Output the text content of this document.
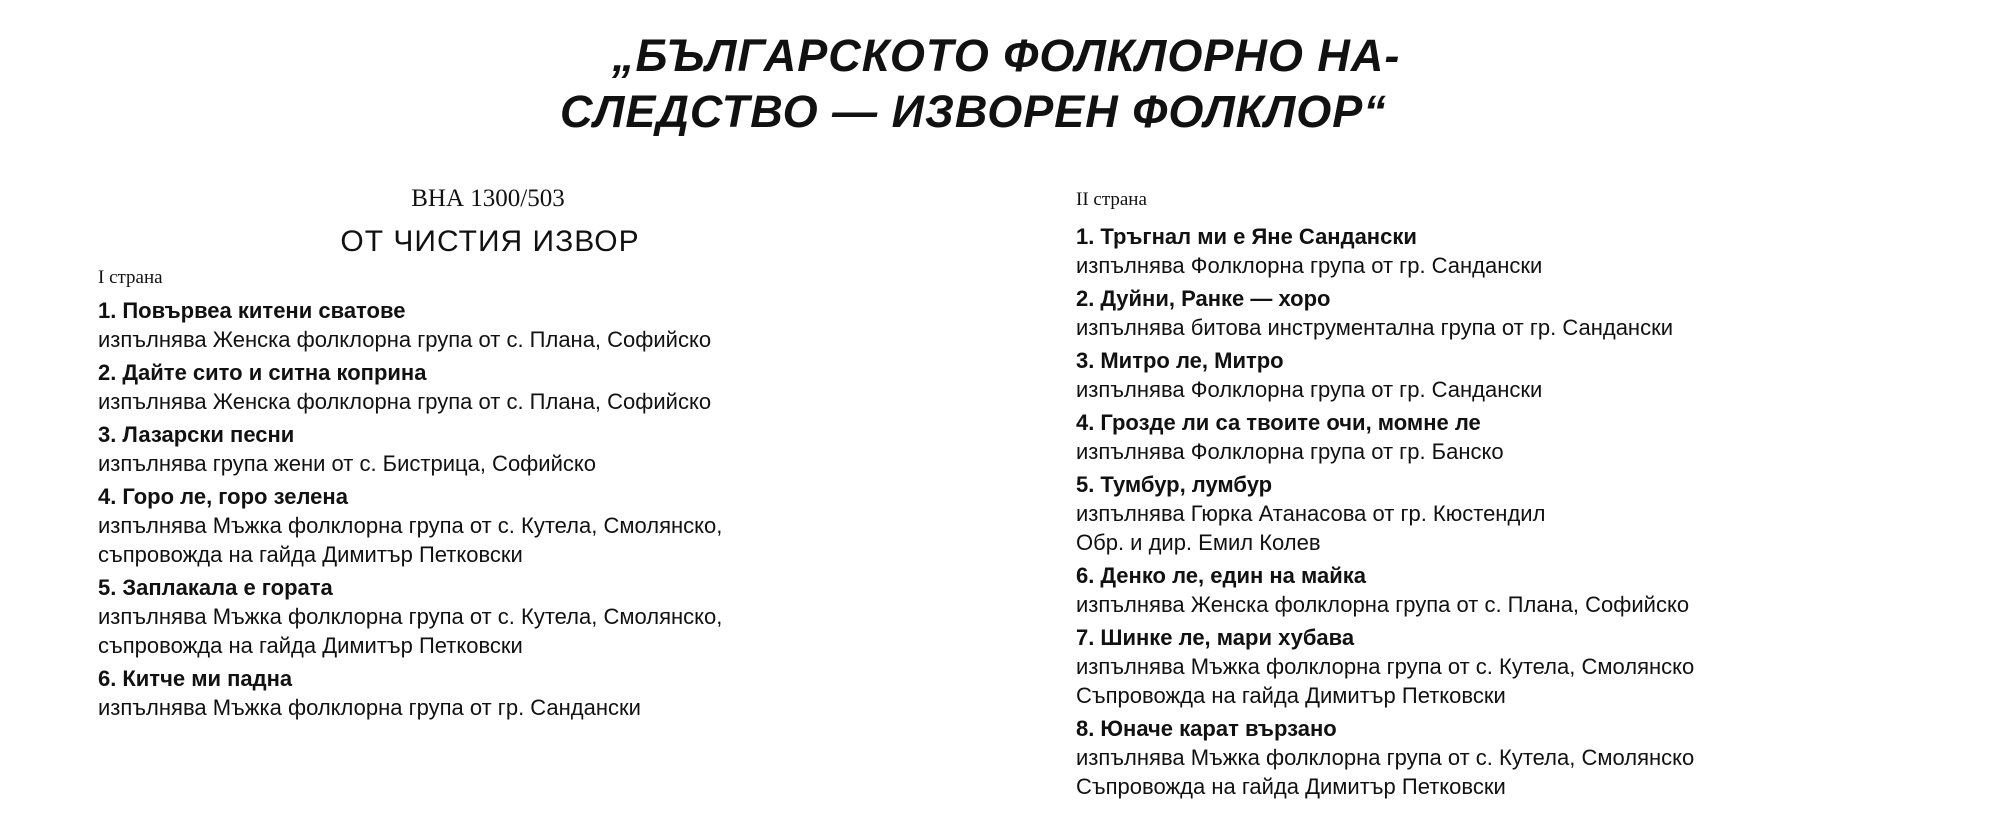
„БЪЛГАРСКОТО ФОЛКЛОРНО НА-
СЛЕДСТВО — ИЗВОРЕН ФОЛКЛОР“
ВНА 1300/503
ОТ ЧИСТИЯ ИЗВОР
I страна
1. Повървеа китени сватове
изпълнява Женска фолклорна група от с. Плана, Софийско
2. Дайте сито и ситна коприна
изпълнява Женска фолклорна група от с. Плана, Софийско
3. Лазарски песни
изпълнява група жени от с. Бистрица, Софийско
4. Горо ле, горо зелена
изпълнява Мъжка фолклорна група от с. Кутела, Смолянско,
съпровожда на гайда Димитър Петковски
5. Заплакала е гората
изпълнява Мъжка фолклорна група от с. Кутела, Смолянско,
съпровожда на гайда Димитър Петковски
6. Китче ми падна
изпълнява Мъжка фолклорна група от гр. Сандански
II страна
1. Тръгнал ми е Яне Сандански
изпълнява Фолклорна група от гр. Сандански
2. Дуйни, Ранке — хоро
изпълнява битова инструментална група от гр. Сандански
3. Митро ле, Митро
изпълнява Фолклорна група от гр. Сандански
4. Грозде ли са твоите очи, момне ле
изпълнява Фолклорна група от гр. Банско
5. Тумбур, лумбур
изпълнява Гюрка Атанасова от гр. Кюстендил
Обр. и дир. Емил Колев
6. Денко ле, един на майка
изпълнява Женска фолклорна група от с. Плана, Софийско
7. Шинке ле, мари хубава
изпълнява Мъжка фолклорна група от с. Кутела, Смолянско
Съпровожда на гайда Димитър Петковски
8. Юначе карат вързано
изпълнява Мъжка фолклорна група от с. Кутела, Смолянско
Съпровожда на гайда Димитър Петковски
